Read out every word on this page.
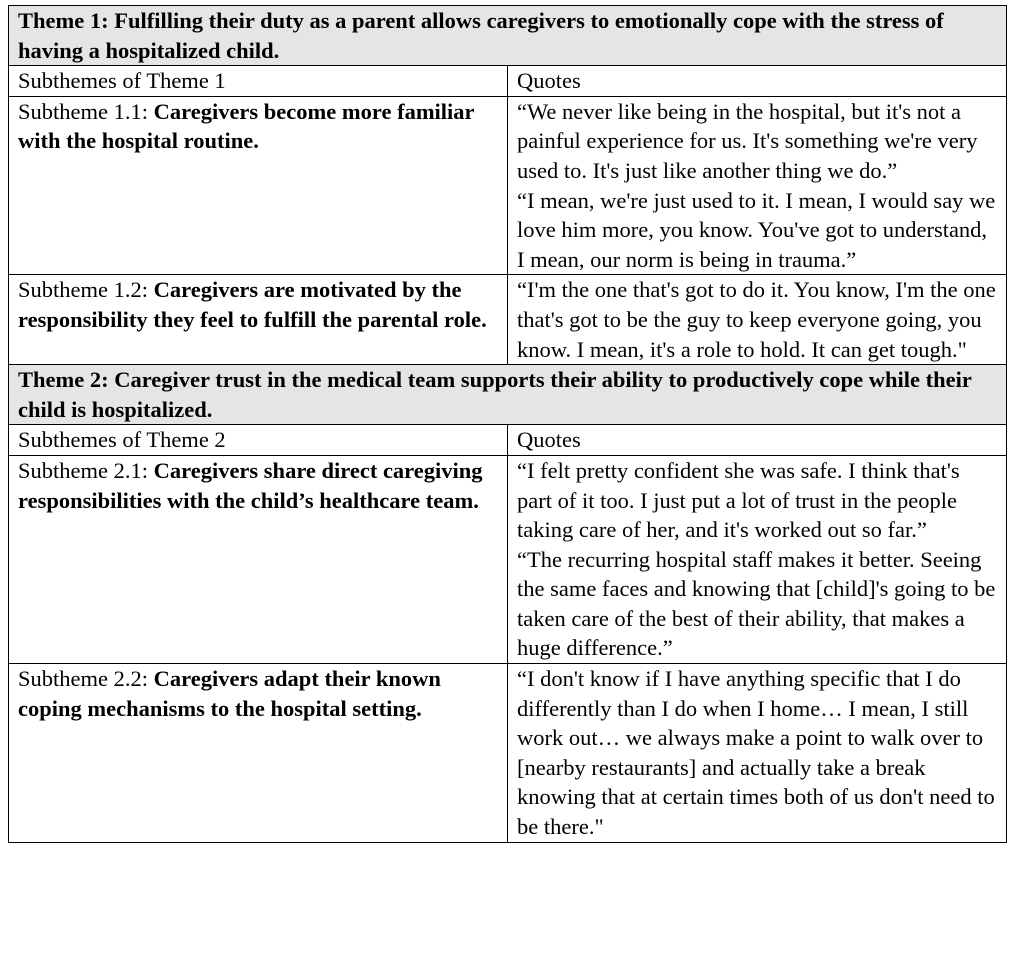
Theme 1: Fulfilling their duty as a parent allows caregivers to emotionally cope with the stress of having a hospitalized child.	
Subthemes of Theme 1	Quotes
Subtheme 1.1: Caregivers become more familiar with the hospital routine.	“We never like being in the hospital, but it's not a painful experience for us. It's something we're very used to. It's just like another thing we do.”

“I mean, we're just used to it. I mean, I would say we love him more, you know. You've got to understand, I mean, our norm is being in trauma.”

Subtheme 1.2: Caregivers are motivated by the responsibility they feel to fulfill the parental role.	“I'm the one that's got to do it. You know, I'm the one that's got to be the guy to keep everyone going, you know. I mean, it's a role to hold. It can get tough."

Theme 2: Caregiver trust in the medical team supports their ability to productively cope while their child is hospitalized.	
Subthemes of Theme 2	Quotes
Subtheme 2.1: Caregivers share direct caregiving responsibilities with the child’s healthcare team.	“I felt pretty confident she was safe. I think that's part of it too. I just put a lot of trust in the people taking care of her, and it's worked out so far.”

“The recurring hospital staff makes it better. Seeing the same faces and knowing that [child]'s going to be taken care of the best of their ability, that makes a huge difference.”

Subtheme 2.2: Caregivers adapt their known coping mechanisms to the hospital setting.	“I don't know if I have anything specific that I do differently than I do when I home… I mean, I still work out… we always make a point to walk over to [nearby restaurants] and actually take a break knowing that at certain times both of us don't need to be there."
